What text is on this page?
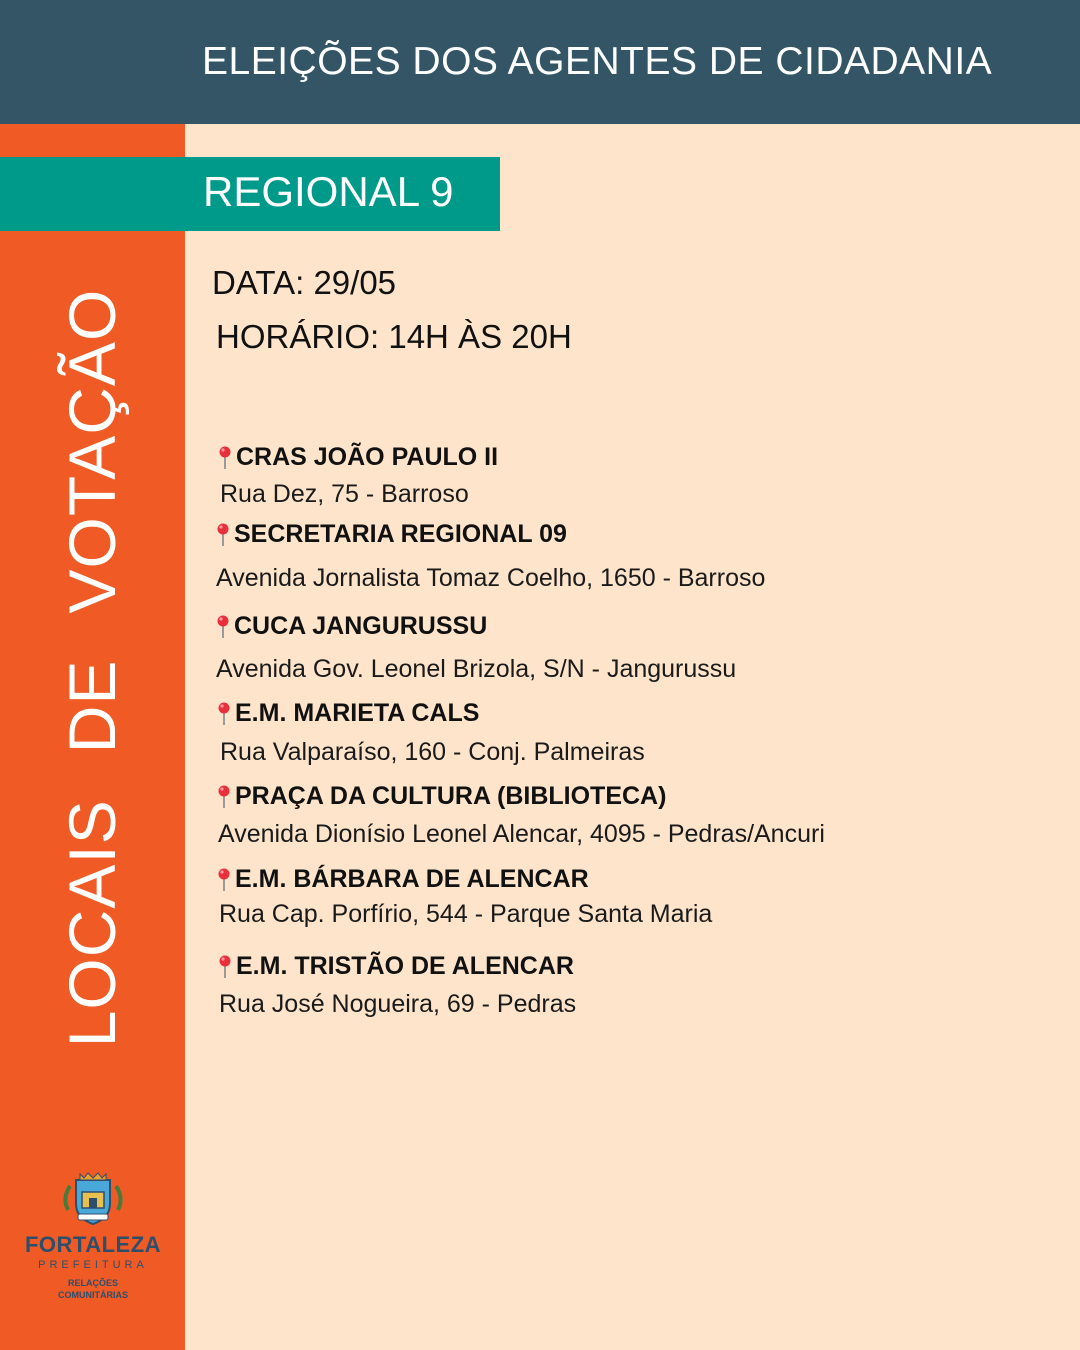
ELEIÇÕES DOS AGENTES DE CIDADANIA
LOCAISDEVOTAÇÃO
REGIONAL 9
DATA: 29/05
HORÁRIO: 14H ÀS 20H
CRAS JOÃO PAULO II
Rua Dez, 75 - Barroso
SECRETARIA REGIONAL 09
Avenida Jornalista Tomaz Coelho, 1650 - Barroso
CUCA JANGURUSSU
Avenida Gov. Leonel Brizola, S/N - Jangurussu
E.M. MARIETA CALS
Rua Valparaíso, 160 - Conj. Palmeiras
PRAÇA DA CULTURA (BIBLIOTECA)
Avenida Dionísio Leonel Alencar, 4095 - Pedras/Ancuri
E.M. BÁRBARA DE ALENCAR
Rua Cap. Porfírio, 544 - Parque Santa Maria
E.M. TRISTÃO DE ALENCAR
Rua José Nogueira, 69 - Pedras
FORTALEZA
PREFEITURA
RELAÇÕES
COMUNITÁRIAS
